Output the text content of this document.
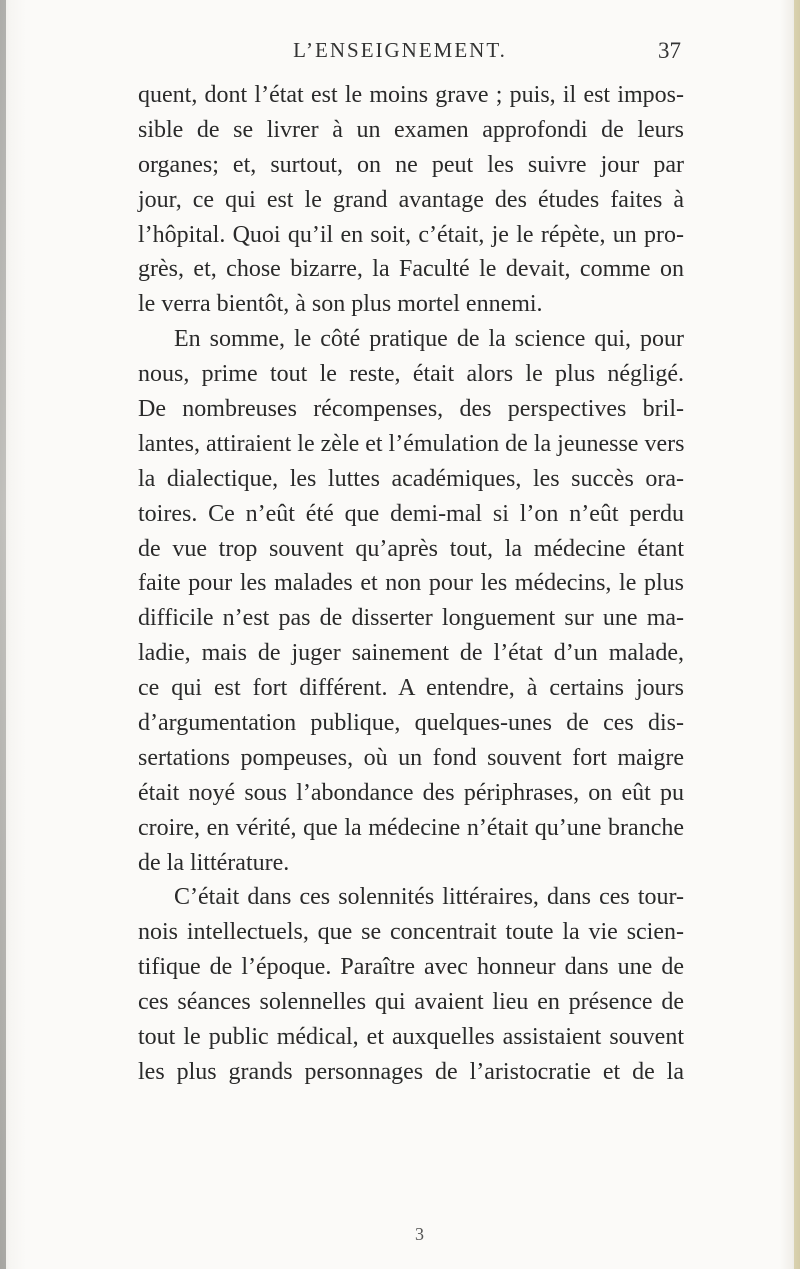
L’ENSEIGNEMENT.	37
quent, dont l’état est le moins grave ; puis, il est impos-
sible de se livrer à un examen approfondi de leurs
organes; et, surtout, on ne peut les suivre jour par
jour, ce qui est le grand avantage des études faites à
l’hôpital. Quoi qu’il en soit, c’était, je le répète, un pro-
grès, et, chose bizarre, la Faculté le devait, comme on
le verra bientôt, à son plus mortel ennemi.
En somme, le côté pratique de la science qui, pour
nous, prime tout le reste, était alors le plus négligé.
De nombreuses récompenses, des perspectives bril-
lantes, attiraient le zèle et l’émulation de la jeunesse vers
la dialectique, les luttes académiques, les succès ora-
toires. Ce n’eût été que demi-mal si l’on n’eût perdu
de vue trop souvent qu’après tout, la médecine étant
faite pour les malades et non pour les médecins, le plus
difficile n’est pas de disserter longuement sur une ma-
ladie, mais de juger sainement de l’état d’un malade,
ce qui est fort différent. A entendre, à certains jours
d’argumentation publique, quelques-unes de ces dis-
sertations pompeuses, où un fond souvent fort maigre
était noyé sous l’abondance des périphrases, on eût pu
croire, en vérité, que la médecine n’était qu’une branche
de la littérature.
C’était dans ces solennités littéraires, dans ces tour-
nois intellectuels, que se concentrait toute la vie scien-
tifique de l’époque. Paraître avec honneur dans une de
ces séances solennelles qui avaient lieu en présence de
tout le public médical, et auxquelles assistaient souvent
les plus grands personnages de l’aristocratie et de la
3
